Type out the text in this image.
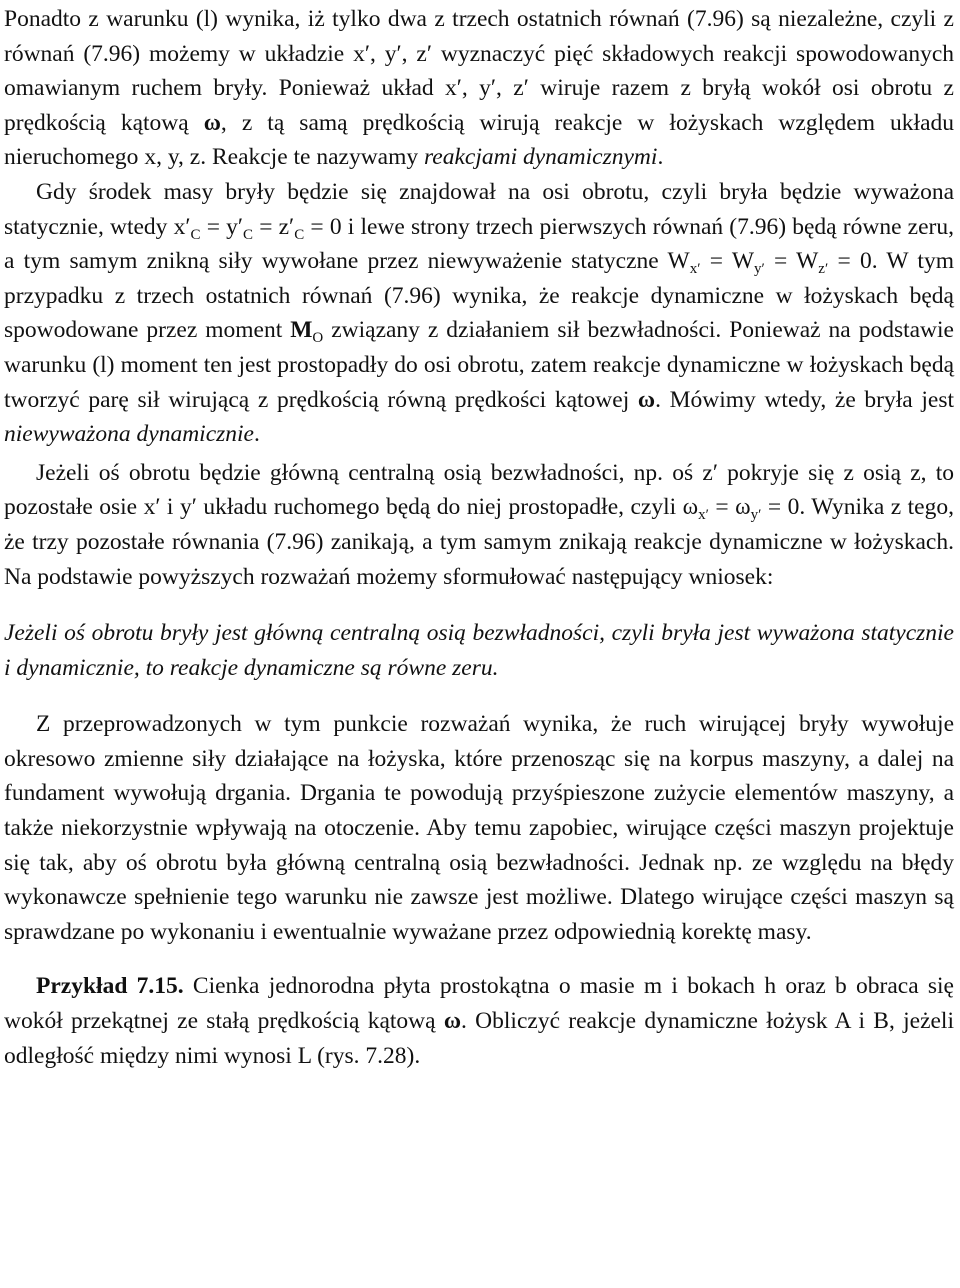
Ponadto z warunku (l) wynika, iż tylko dwa z trzech ostatnich równań (7.96) są niezależne, czyli z równań (7.96) możemy w układzie x′, y′, z′ wyznaczyć pięć składowych reakcji spowodowanych omawianym ruchem bryły. Ponieważ układ x′, y′, z′ wiruje razem z bryłą wokół osi obrotu z prędkością kątową ω, z tą samą prędkością wirują reakcje w łożyskach względem układu nieruchomego x, y, z. Reakcje te nazywamy reakcjami dynamicznymi.

Gdy środek masy bryły będzie się znajdował na osi obrotu, czyli bryła będzie wyważona statycznie, wtedy $x'_C = y'_C = z'_C = 0$ i lewe strony trzech pierwszych równań (7.96) będą równe zeru, a tym samym znikną siły wywołane przez niewyważenie statyczne $W_{x'} = W_{y'} = W_{z'} = 0$. W tym przypadku z trzech ostatnich równań (7.96) wynika, że reakcje dynamiczne w łożyskach będą spowodowane przez moment $M_O$ związany z działaniem sił bezwładności. Ponieważ na podstawie warunku (l) moment ten jest prostopadły do osi obrotu, zatem reakcje dynamiczne w łożyskach będą tworzyć parę sił wirującą z prędkością równą prędkości kątowej ω. Mówimy wtedy, że bryła jest niewyważona dynamicznie.

Jeżeli oś obrotu będzie główną centralną osią bezwładności, np. oś z′ pokryje się z osią z, to pozostałe osie x′ i y′ układu ruchomego będą do niej prostopadłe, czyli $\omega_{x'} = \omega_{y'} = 0$. Wynika z tego, że trzy pozostałe równania (7.96) zanikają, a tym samym znikają reakcje dynamiczne w łożyskach. Na podstawie powyższych rozważań możemy sformułować następujący wniosek:

Jeżeli oś obrotu bryły jest główną centralną osią bezwładności, czyli bryła jest wyważona statycznie i dynamicznie, to reakcje dynamiczne są równe zeru.

Z przeprowadzonych w tym punkcie rozważań wynika, że ruch wirującej bryły wywołuje okresowo zmienne siły działające na łożyska, które przenosząc się na korpus maszyny, a dalej na fundament wywołują drgania. Drgania te powodują przyśpieszone zużycie elementów maszyny, a także niekorzystnie wpływają na otoczenie. Aby temu zapobiec, wirujące części maszyn projektuje się tak, aby oś obrotu była główną centralną osią bezwładności. Jednak np. ze względu na błędy wykonawcze spełnienie tego warunku nie zawsze jest możliwe. Dlatego wirujące części maszyn są sprawdzane po wykonaniu i ewentualnie wyważane przez odpowiednią korektę masy.

Przykład 7.15. Cienka jednorodna płyta prostokątna o masie m i bokach h oraz b obraca się wokół przekątnej ze stałą prędkością kątową ω. Obliczyć reakcje dynamiczne łożysk A i B, jeżeli odległość między nimi wynosi L (rys. 7.28).
